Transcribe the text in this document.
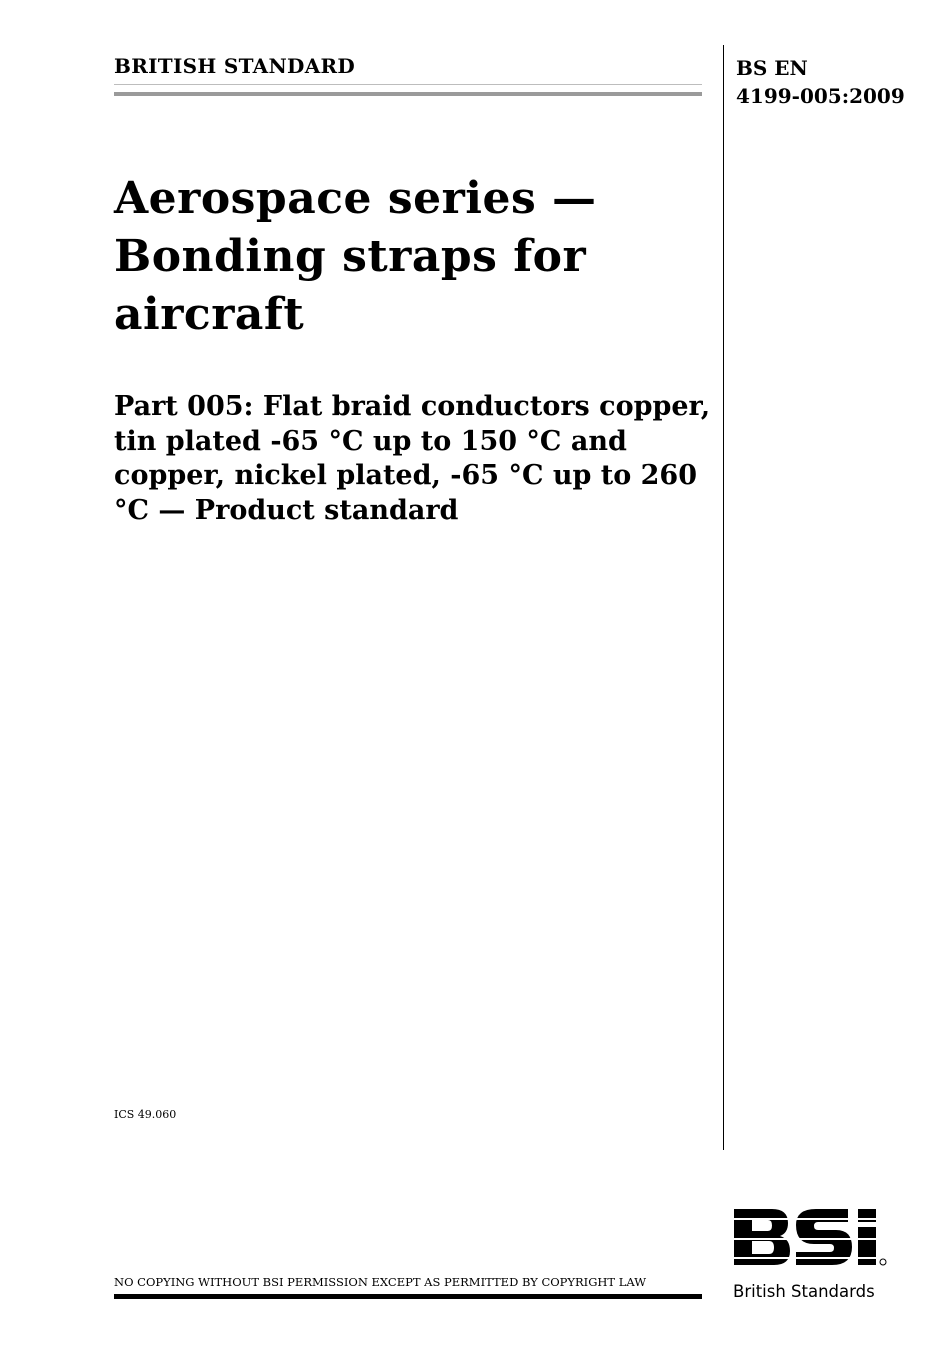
BRITISH STANDARD	BS EN
4199-005:2009
Aerospace series —
Bonding straps for
aircraft
Part 005: Flat braid conductors copper,
tin plated -65 °C up to 150 °C and
copper, nickel plated, -65 °C up to 260
°C — Product standard
ICS 49.060
NO COPYING WITHOUT BSI PERMISSION EXCEPT AS PERMITTED BY COPYRIGHT LAW	British Standards
